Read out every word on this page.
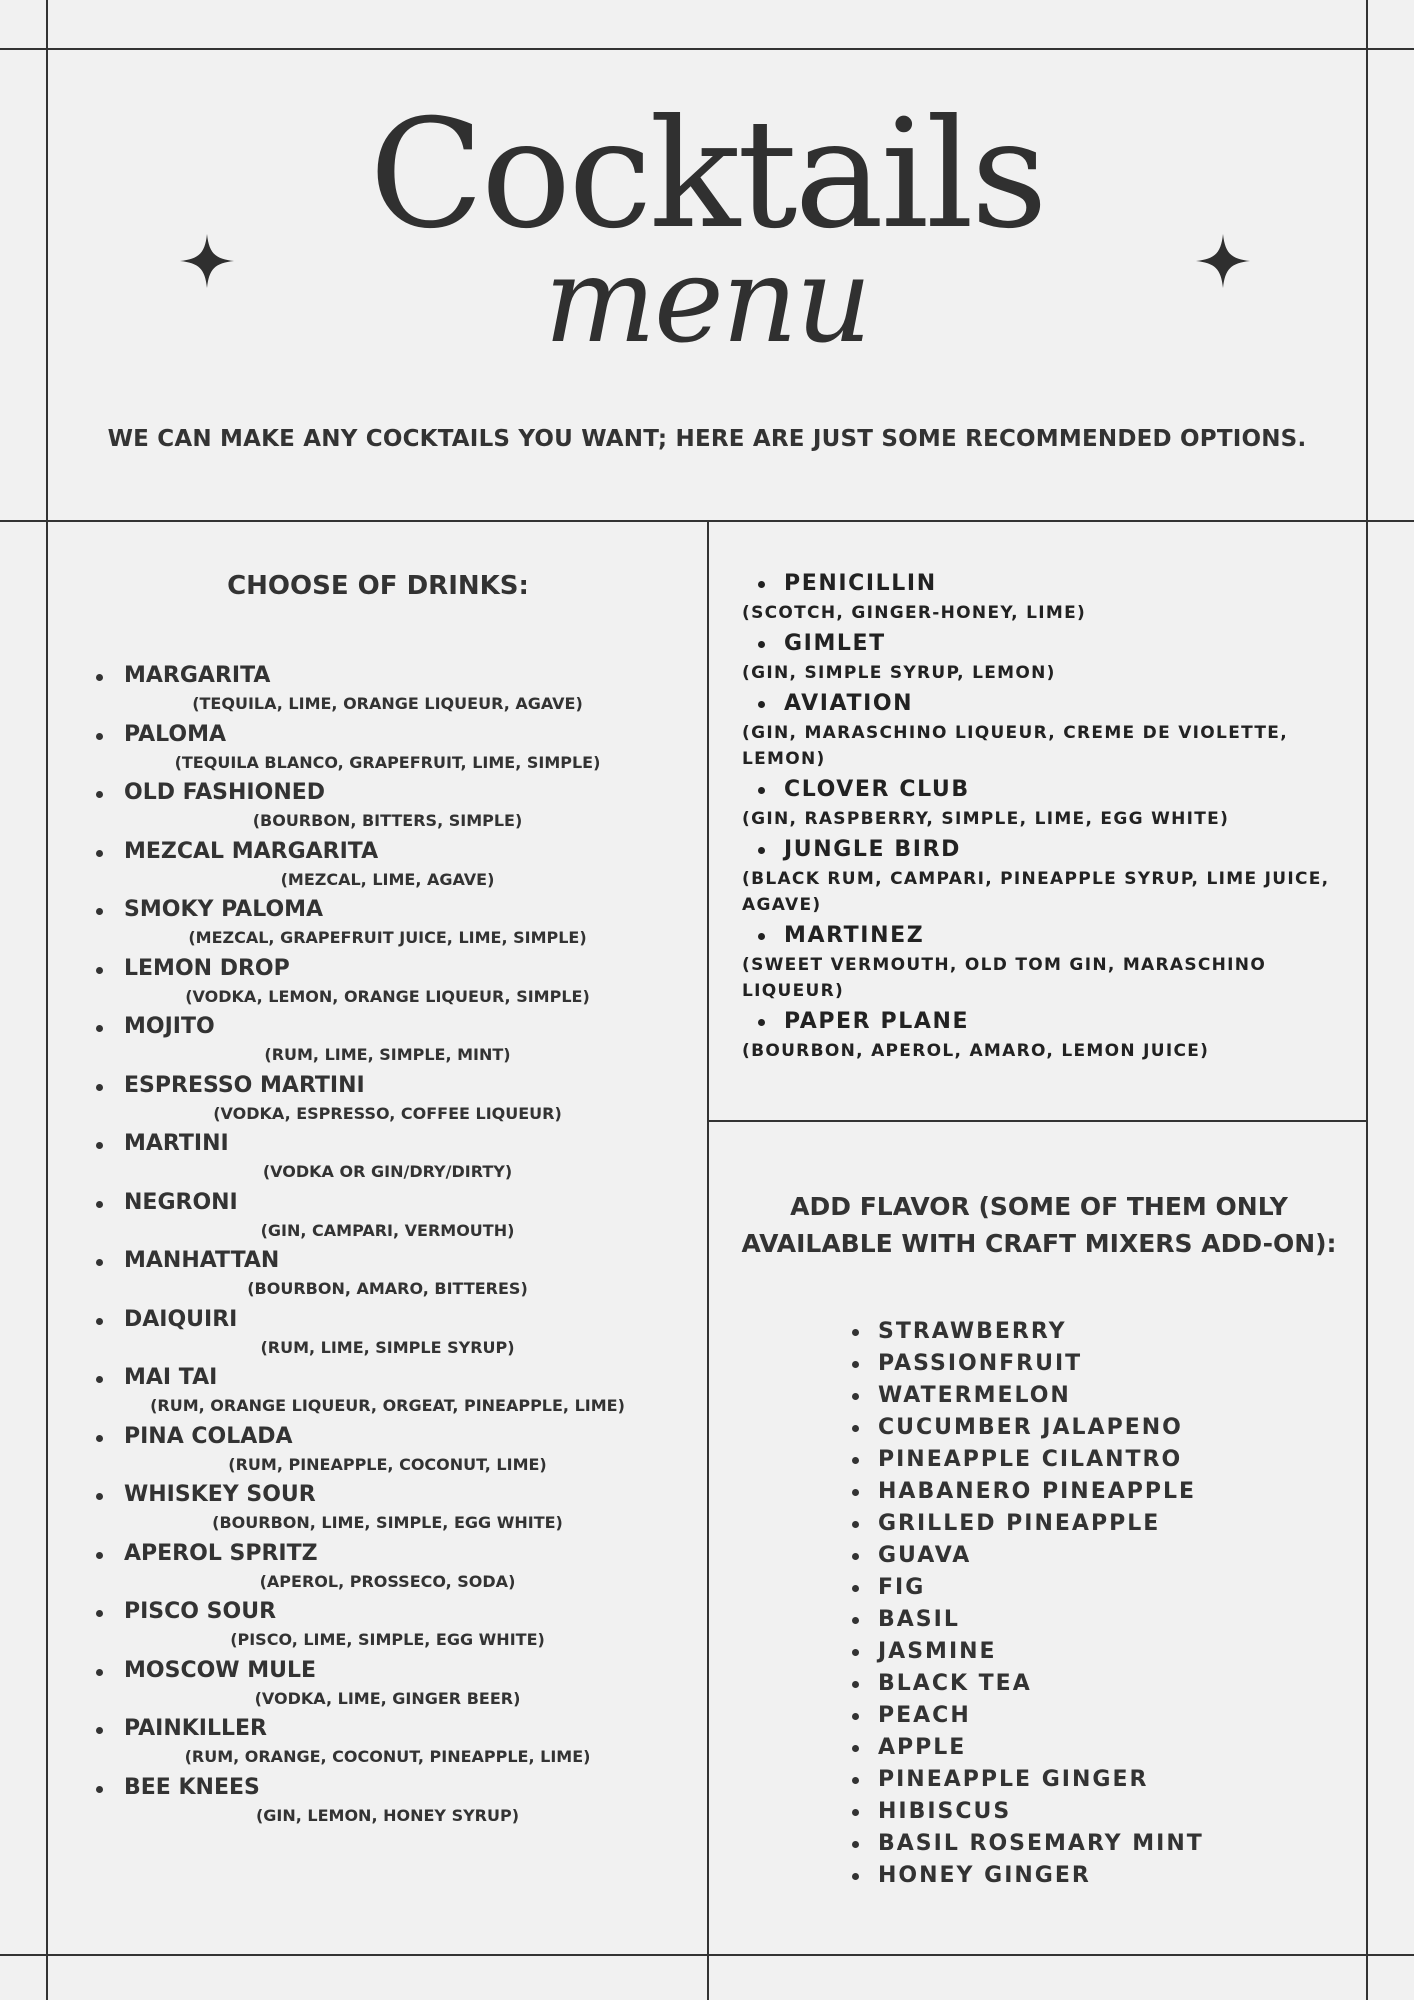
Cocktails
menu
WE CAN MAKE ANY COCKTAILS YOU WANT; HERE ARE JUST SOME RECOMMENDED OPTIONS.
CHOOSE OF DRINKS:
MARGARITA
(TEQUILA, LIME, ORANGE LIQUEUR, AGAVE)
PALOMA
(TEQUILA BLANCO, GRAPEFRUIT, LIME, SIMPLE)
OLD FASHIONED
(BOURBON, BITTERS, SIMPLE)
MEZCAL MARGARITA
(MEZCAL, LIME, AGAVE)
SMOKY PALOMA
(MEZCAL, GRAPEFRUIT JUICE, LIME, SIMPLE)
LEMON DROP
(VODKA, LEMON, ORANGE LIQUEUR, SIMPLE)
MOJITO
(RUM, LIME, SIMPLE, MINT)
ESPRESSO MARTINI
(VODKA, ESPRESSO, COFFEE LIQUEUR)
MARTINI
(VODKA OR GIN/DRY/DIRTY)
NEGRONI
(GIN, CAMPARI, VERMOUTH)
MANHATTAN
(BOURBON, AMARO, BITTERES)
DAIQUIRI
(RUM, LIME, SIMPLE SYRUP)
MAI TAI
(RUM, ORANGE LIQUEUR, ORGEAT, PINEAPPLE, LIME)
PINA COLADA
(RUM, PINEAPPLE, COCONUT, LIME)
WHISKEY SOUR
(BOURBON, LIME, SIMPLE, EGG WHITE)
APEROL SPRITZ
(APEROL, PROSSECO, SODA)
PISCO SOUR
(PISCO, LIME, SIMPLE, EGG WHITE)
MOSCOW MULE
(VODKA, LIME, GINGER BEER)
PAINKILLER
(RUM, ORANGE, COCONUT, PINEAPPLE, LIME)
BEE KNEES
(GIN, LEMON, HONEY SYRUP)
PENICILLIN
(SCOTCH, GINGER-HONEY, LIME)
GIMLET
(GIN, SIMPLE SYRUP, LEMON)
AVIATION
(GIN, MARASCHINO LIQUEUR, CREME DE VIOLETTE, LEMON)
CLOVER CLUB
(GIN, RASPBERRY, SIMPLE, LIME, EGG WHITE)
JUNGLE BIRD
(BLACK RUM, CAMPARI, PINEAPPLE SYRUP, LIME JUICE, AGAVE)
MARTINEZ
(SWEET VERMOUTH, OLD TOM GIN, MARASCHINO LIQUEUR)
PAPER PLANE
(BOURBON, APEROL, AMARO, LEMON JUICE)
ADD FLAVOR (SOME OF THEM ONLY AVAILABLE WITH CRAFT MIXERS ADD-ON):
STRAWBERRY
PASSIONFRUIT
WATERMELON
CUCUMBER JALAPENO
PINEAPPLE CILANTRO
HABANERO PINEAPPLE
GRILLED PINEAPPLE
GUAVA
FIG
BASIL
JASMINE
BLACK TEA
PEACH
APPLE
PINEAPPLE GINGER
HIBISCUS
BASIL ROSEMARY MINT
HONEY GINGER
